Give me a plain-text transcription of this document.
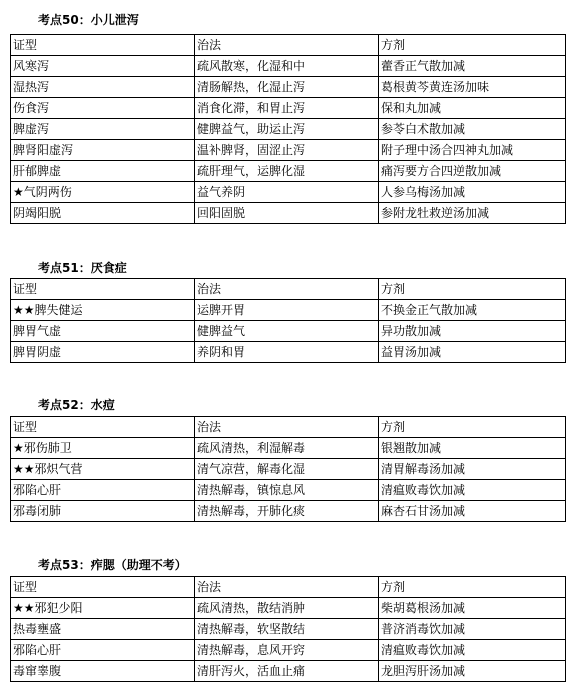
考点50：小儿泄泻
证型	治法	方剂
风寒泻	疏风散寒，化湿和中	藿香正气散加减
湿热泻	清肠解热，化湿止泻	葛根黄芩黄连汤加味
伤食泻	消食化滞，和胃止泻	保和丸加减
脾虚泻	健脾益气，助运止泻	参苓白术散加减
脾肾阳虚泻	温补脾肾，固涩止泻	附子理中汤合四神丸加减
肝郁脾虚	疏肝理气，运脾化湿	痛泻要方合四逆散加减
★气阴两伤	益气养阴	人参乌梅汤加减
阴竭阳脱	回阳固脱	参附龙牡救逆汤加减
考点51：厌食症
证型	治法	方剂
★★脾失健运	运脾开胃	不换金正气散加减
脾胃气虚	健脾益气	异功散加减
脾胃阴虚	养阴和胃	益胃汤加减
考点52：水痘
证型	治法	方剂
★邪伤肺卫	疏风清热，利湿解毒	银翘散加减
★★邪炽气营	清气凉营，解毒化湿	清胃解毒汤加减
邪陷心肝	清热解毒，镇惊息风	清瘟败毒饮加减
邪毒闭肺	清热解毒，开肺化痰	麻杏石甘汤加减
考点53：痄腮（助理不考）
证型	治法	方剂
★★邪犯少阳	疏风清热，散结消肿	柴胡葛根汤加减
热毒壅盛	清热解毒，软坚散结	普济消毒饮加减
邪陷心肝	清热解毒，息风开窍	清瘟败毒饮加减
毒窜睾腹	清肝泻火，活血止痛	龙胆泻肝汤加减
